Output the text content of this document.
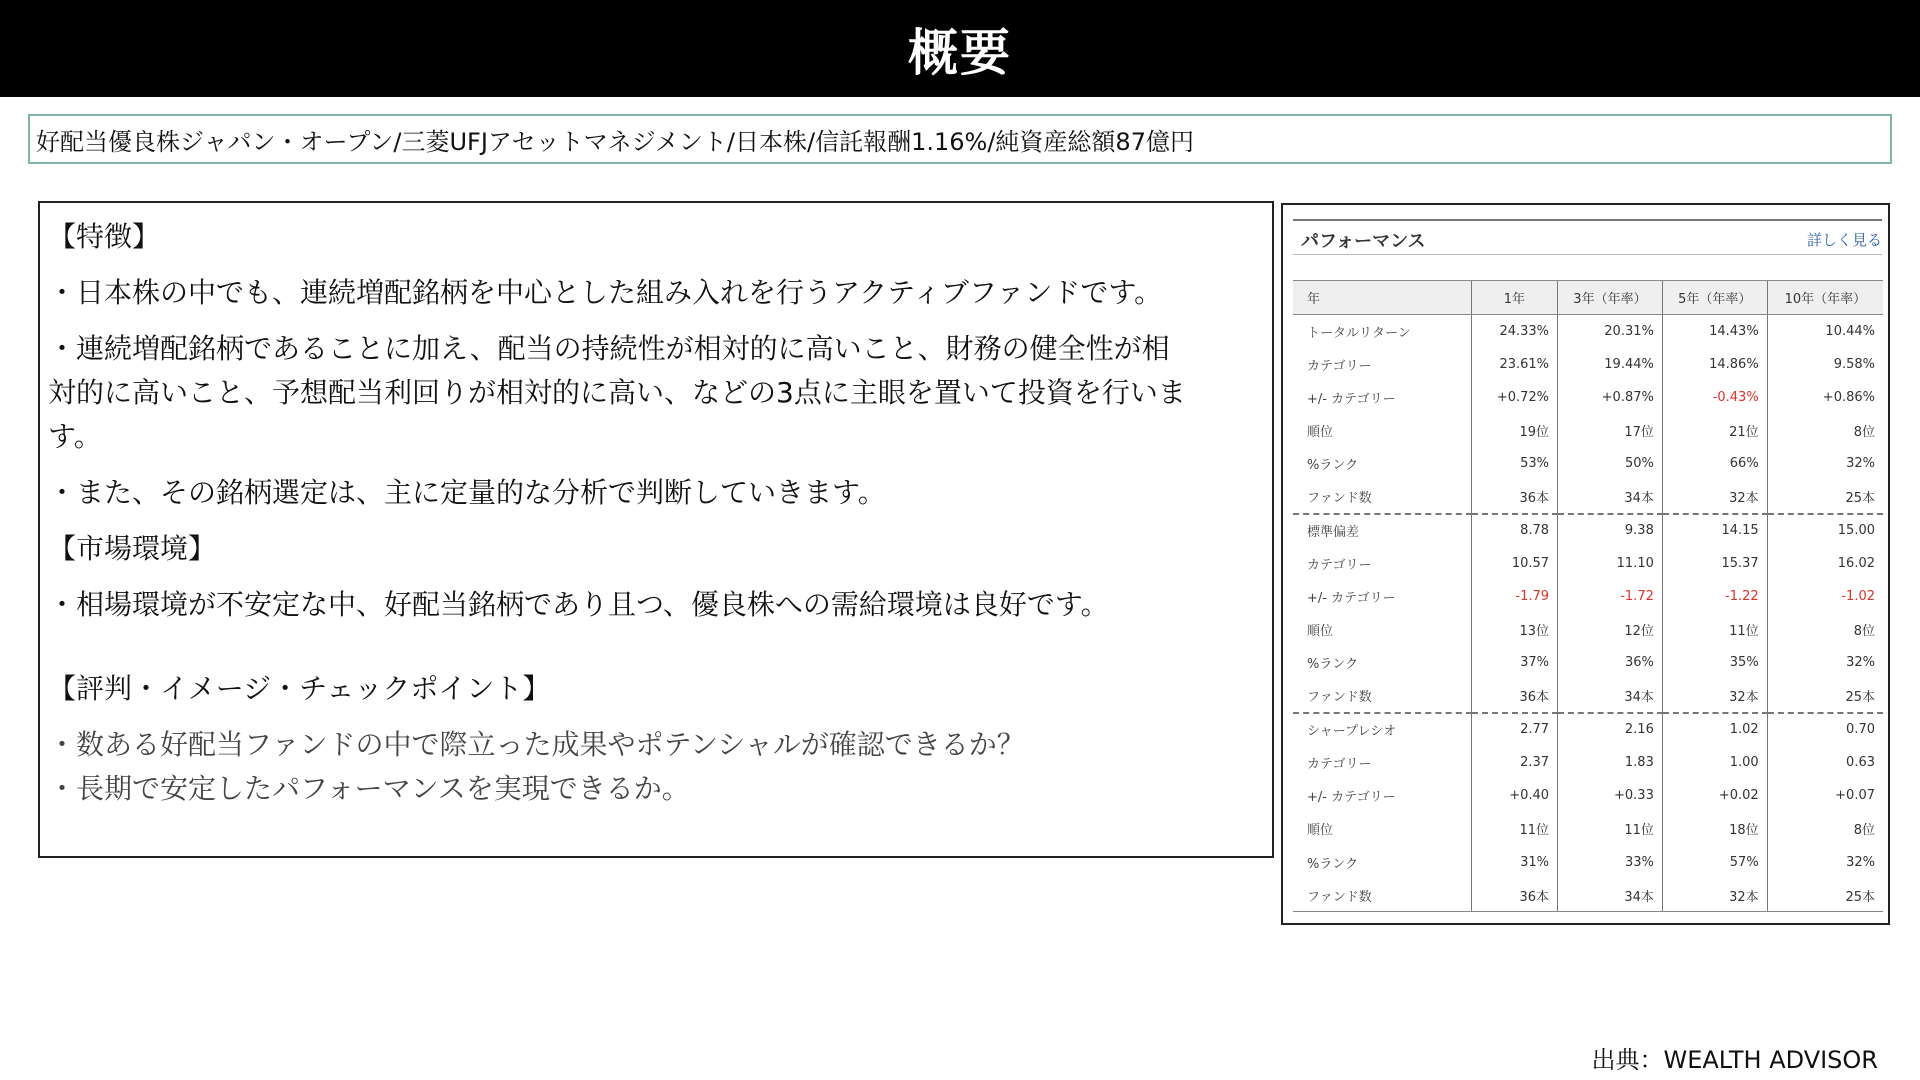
概要
好配当優良株ジャパン・オープン/三菱UFJアセットマネジメント/日本株/信託報酬1.16%/純資産総額87億円
【特徴】
・日本株の中でも、連続増配銘柄を中心とした組み入れを行うアクティブファンドです。
・連続増配銘柄であることに加え、配当の持続性が相対的に高いこと、財務の健全性が相
対的に高いこと、予想配当利回りが相対的に高い、などの3点に主眼を置いて投資を行いま
す。
・また、その銘柄選定は、主に定量的な分析で判断していきます。
【市場環境】
・相場環境が不安定な中、好配当銘柄であり且つ、優良株への需給環境は良好です。
【評判・イメージ・チェックポイント】
・数ある好配当ファンドの中で際立った成果やポテンシャルが確認できるか？
・長期で安定したパフォーマンスを実現できるか。
パフォーマンス	詳しく見る
年	1年	3年（年率）	5年（年率）	10年（年率）
トータルリターン	24.33%	20.31%	14.43%	10.44%
カテゴリー	23.61%	19.44%	14.86%	9.58%
+/- カテゴリー	+0.72%	+0.87%	-0.43%	+0.86%
順位	19位	17位	21位	8位
%ランク	53%	50%	66%	32%
ファンド数	36本	34本	32本	25本
標準偏差	8.78	9.38	14.15	15.00
カテゴリー	10.57	11.10	15.37	16.02
+/- カテゴリー	-1.79	-1.72	-1.22	-1.02
順位	13位	12位	11位	8位
%ランク	37%	36%	35%	32%
ファンド数	36本	34本	32本	25本
シャープレシオ	2.77	2.16	1.02	0.70
カテゴリー	2.37	1.83	1.00	0.63
+/- カテゴリー	+0.40	+0.33	+0.02	+0.07
順位	11位	11位	18位	8位
%ランク	31%	33%	57%	32%
ファンド数	36本	34本	32本	25本
出典：WEALTH ADVISOR
